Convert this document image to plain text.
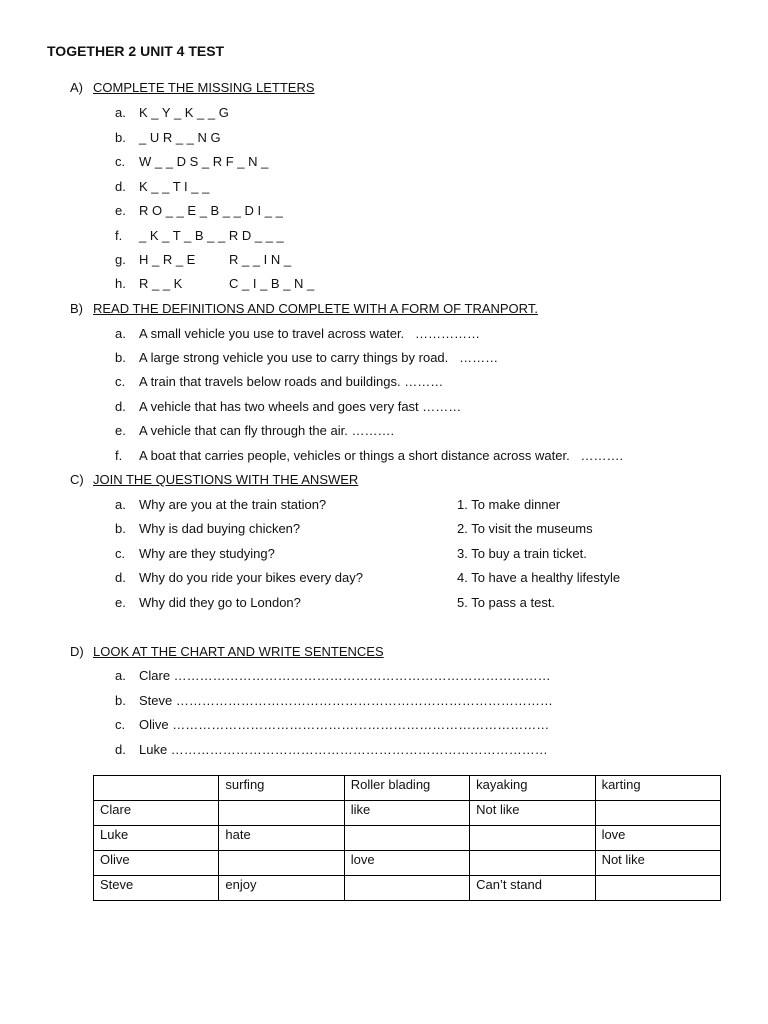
TOGETHER 2 UNIT 4 TEST
A) COMPLETE THE MISSING LETTERS
a. K _ Y _ K _ _ G
b. _ U R _ _ N G
c. W _ _ D S _ R F _ N _
d. K _ _ T I _ _
e. R O _ _ E _ B _ _ D I _ _
f. _ K _ T _ B _ _ R D _ _ _
g. H _ R _ E	R _ _ I N _
h. R _ _ K	C _ I _ B _ N _
B) READ THE DEFINITIONS AND COMPLETE WITH A FORM OF TRANPORT.
a. A small vehicle you use to travel across water.   ……………
b. A large strong vehicle you use to carry things by road.   ………
c. A train that travels below roads and buildings. ………
d. A vehicle that has two wheels and goes very fast ………
e. A vehicle that can fly through the air. ……….
f. A boat that carries people, vehicles or things a short distance across water.   ……….
C) JOIN THE QUESTIONS WITH THE ANSWER
a. Why are you at the train station?	1. To make dinner
b. Why is dad buying chicken?	2. To visit the museums
c. Why are they studying?	3. To buy a train ticket.
d. Why do you ride your bikes every day?	4. To have a healthy lifestyle
e. Why did they go to London?	5. To pass a test.
D) LOOK AT THE CHART AND WRITE SENTENCES
a. Clare ……………………………………………………………………………
b. Steve ……………………………………………………………………………
c. Olive ……………………………………………………………………………
d. Luke ……………………………………………………………………………
	surfing	Roller blading	kayaking	karting
Clare		like	Not like	
Luke	hate			love
Olive		love		Not like
Steve	enjoy		Can’t stand	
